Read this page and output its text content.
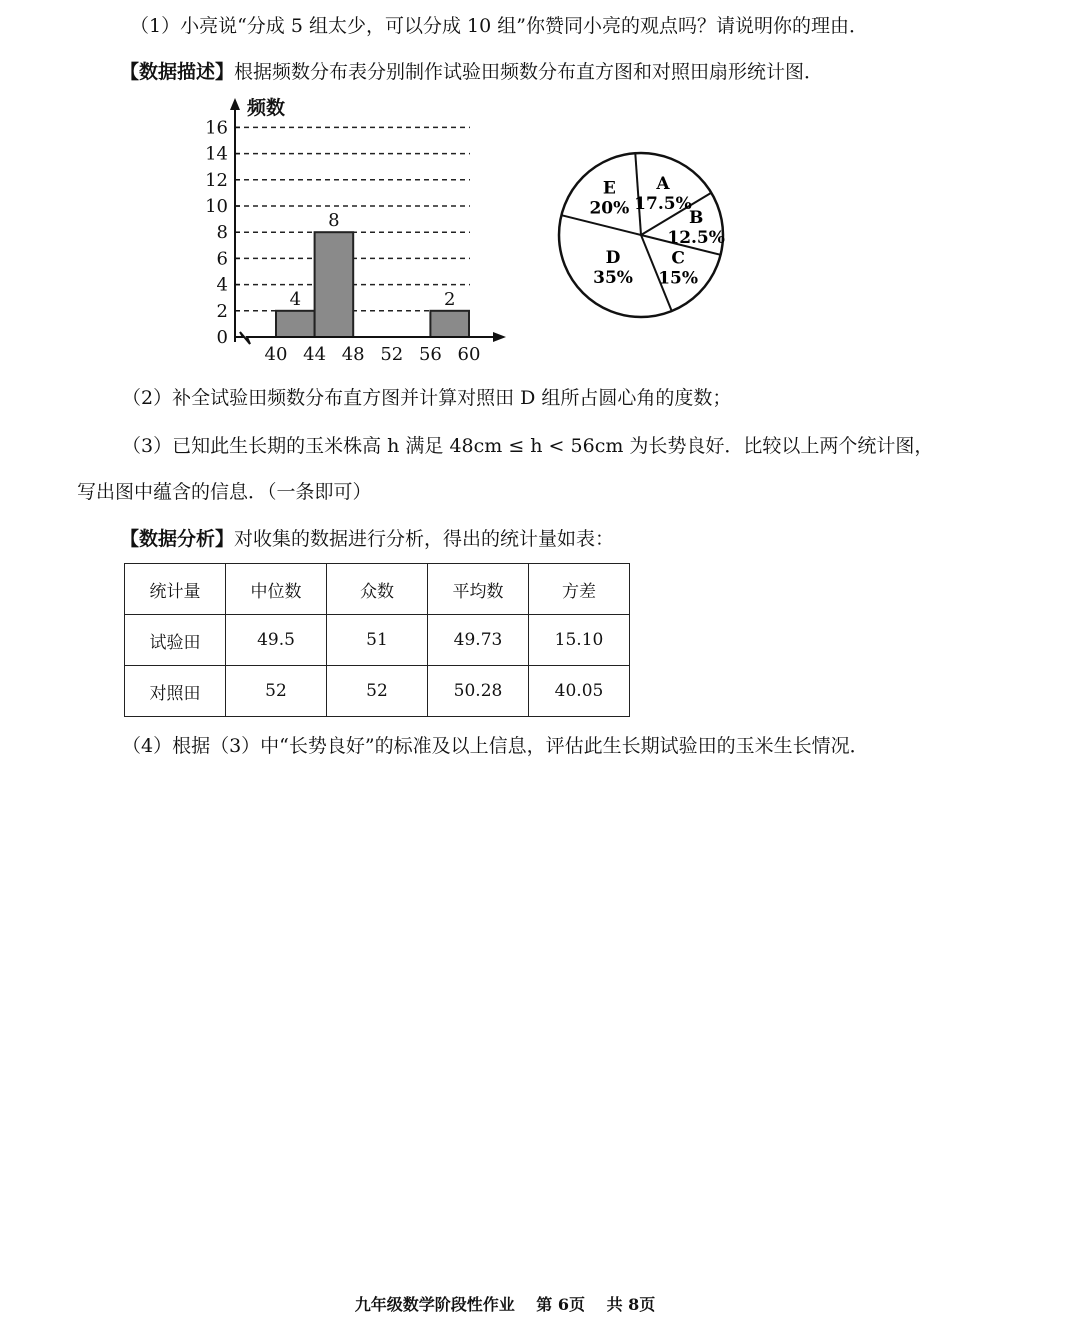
（1）小亮说“分成 5 组太少，可以分成 10 组”你赞同小亮的观点吗？请说明你的理由．
【数据描述】根据频数分布表分别制作试验田频数分布直方图和对照田扇形统计图．
4
8
2
0
2
4
6
8
10
12
14
16
40 44 48 52 56 60
频数
A
17.5%
B
12.5%
C
15%
D
35%
E
20%
（2）补全试验田频数分布直方图并计算对照田 D 组所占圆心角的度数；
（3）已知此生长期的玉米株高 h 满足 48cm ≤ h < 56cm 为长势良好．比较以上两个统计图，
写出图中蕴含的信息．（一条即可）
【数据分析】对收集的数据进行分析，得出的统计量如表：
统计量	中位数	众数	平均数	方差
试验田	49.5	51	49.73	15.10
对照田	52	52	50.28	40.05
（4）根据（3）中“长势良好”的标准及以上信息，评估此生长期试验田的玉米生长情况．
九年级数学阶段性作业 第 6页 共 8页
